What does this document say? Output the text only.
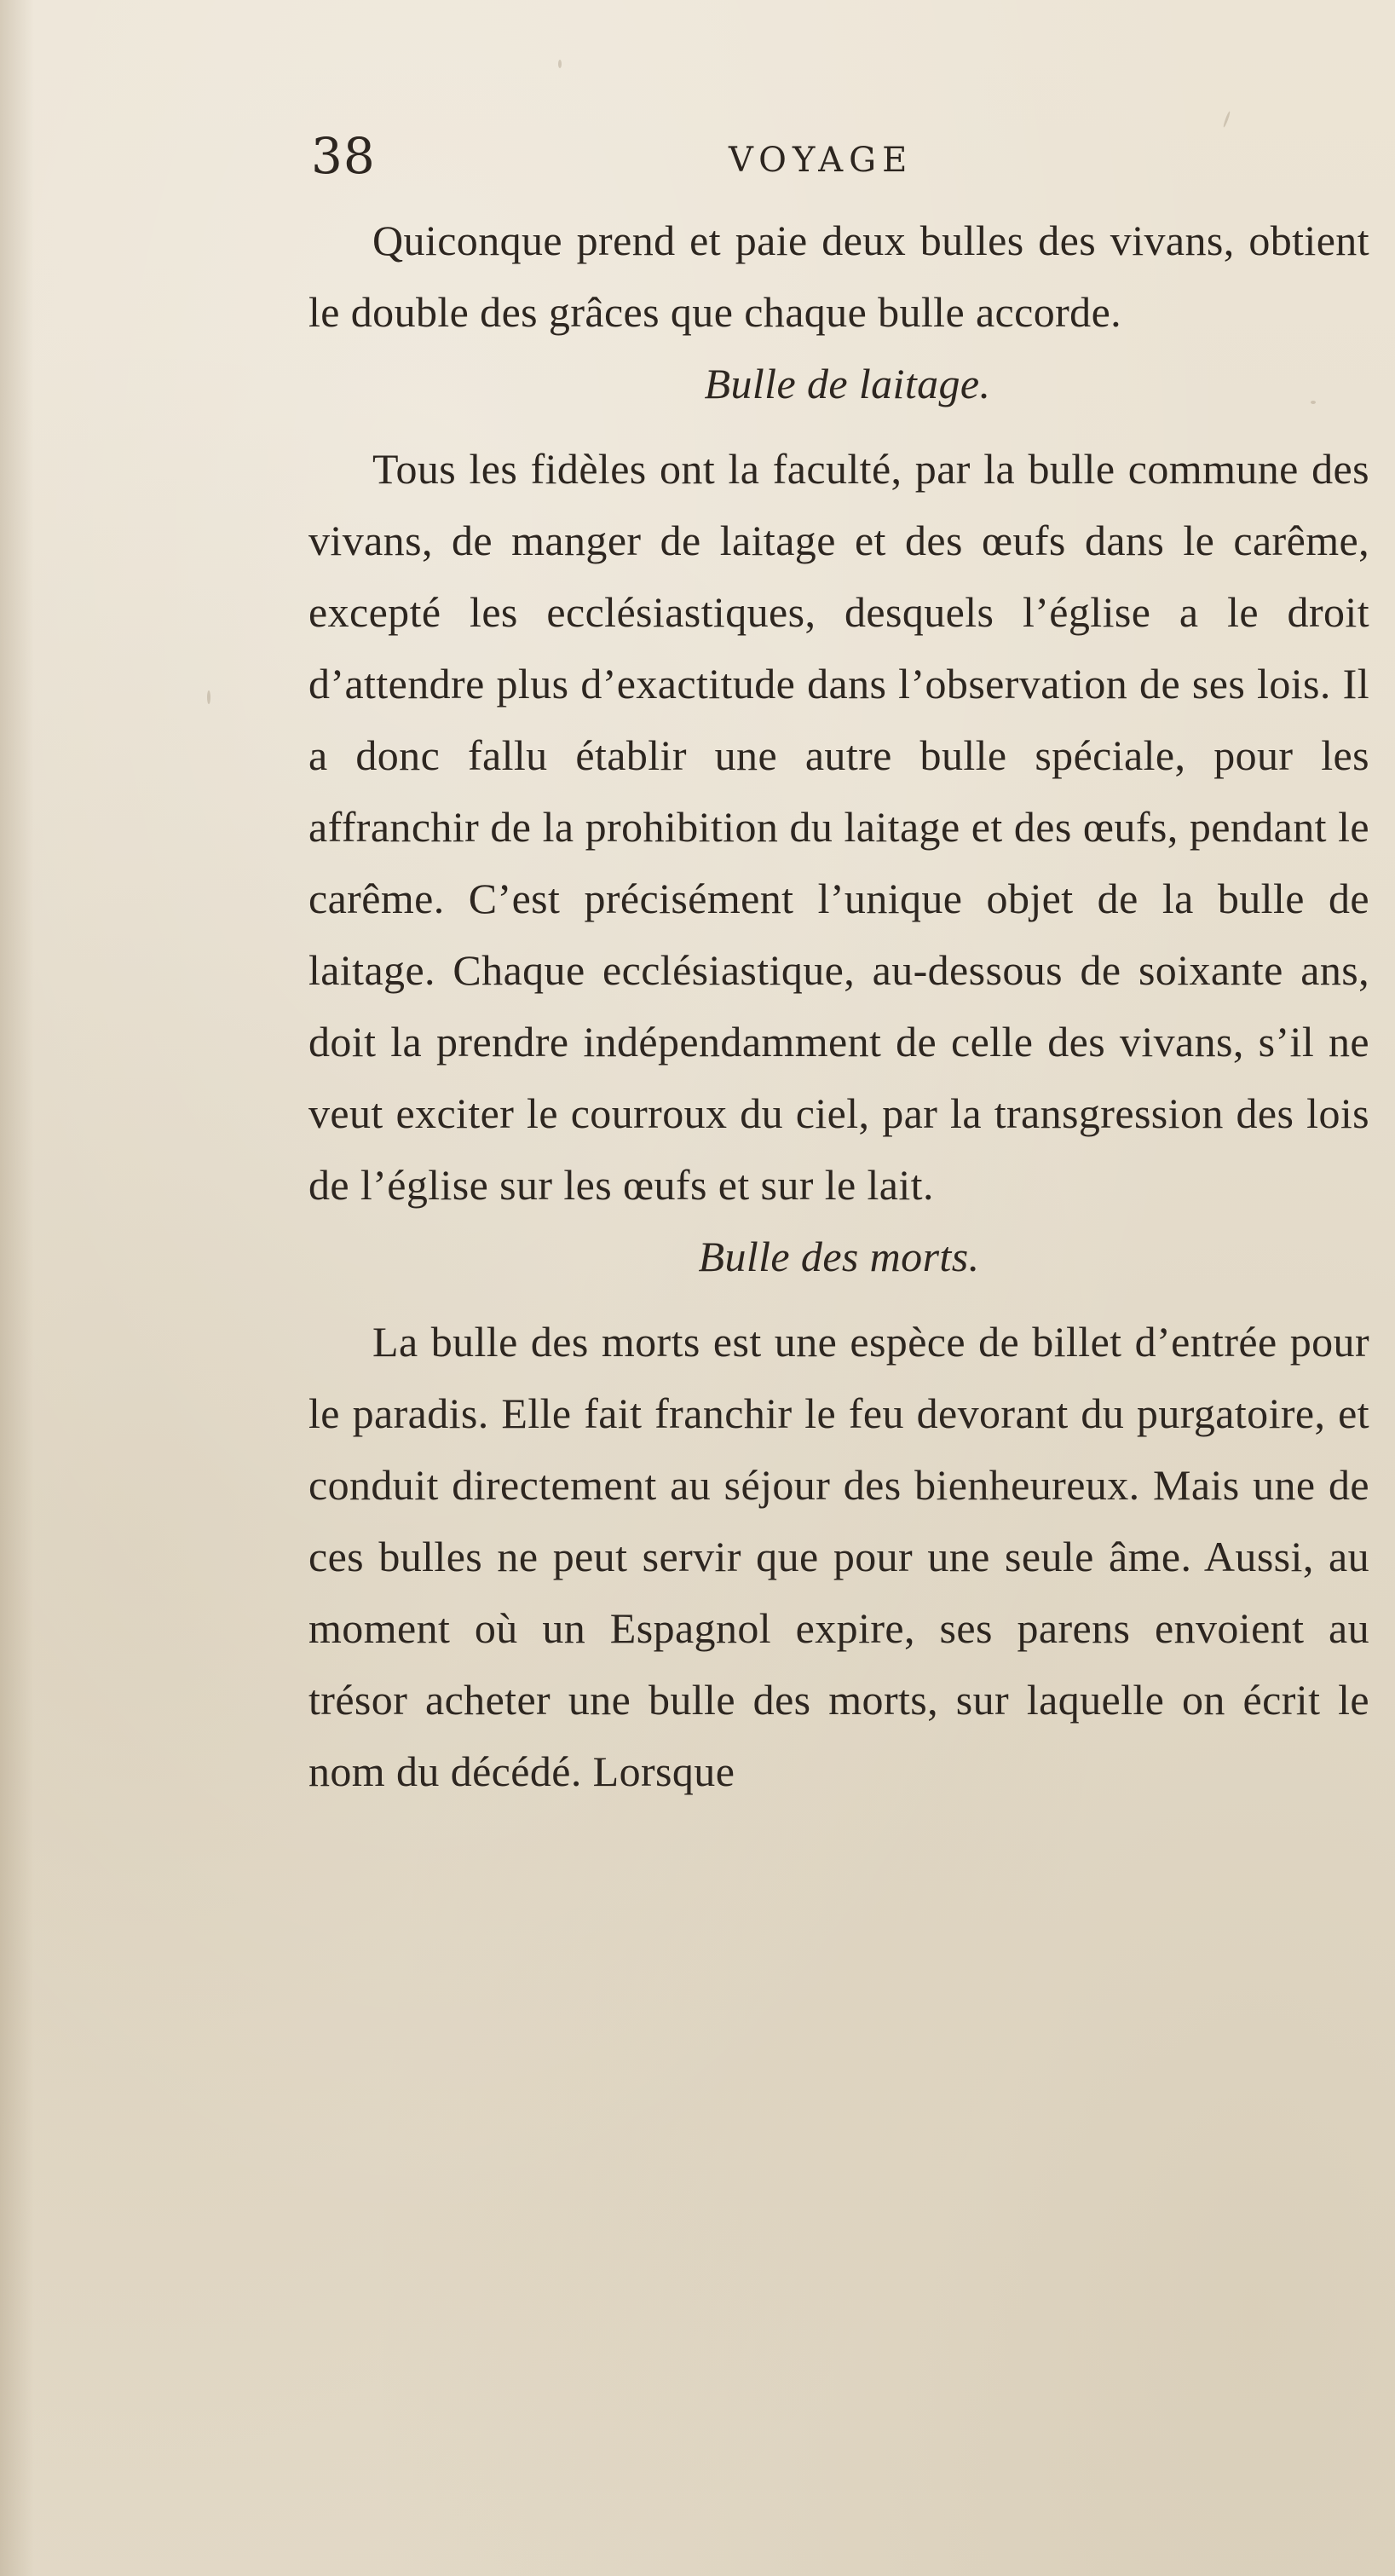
38	VOYAGE

Quiconque prend et paie deux bulles des vivans, obtient le double des grâces que chaque bulle accorde.

Bulle de laitage.

Tous les fidèles ont la faculté, par la bulle commune des vivans, de manger de laitage et des œufs dans le carême, excepté les ecclésiastiques, desquels l’église a le droit d’attendre plus d’exactitude dans l’observation de ses lois. Il a donc fallu établir une autre bulle spéciale, pour les affranchir de la prohibition du laitage et des œufs, pendant le carême. C’est précisément l’unique objet de la bulle de laitage. Chaque ecclésiastique, au-dessous de soixante ans, doit la prendre indépendamment de celle des vivans, s’il ne veut exciter le courroux du ciel, par la transgression des lois de l’église sur les œufs et sur le lait.

Bulle des morts.

La bulle des morts est une espèce de billet d’entrée pour le paradis. Elle fait franchir le feu devorant du purgatoire, et conduit directement au séjour des bienheureux. Mais une de ces bulles ne peut servir que pour une seule âme. Aussi, au moment où un Espagnol expire, ses parens envoient au trésor acheter une bulle des morts, sur laquelle on écrit le nom du décédé. Lorsque
